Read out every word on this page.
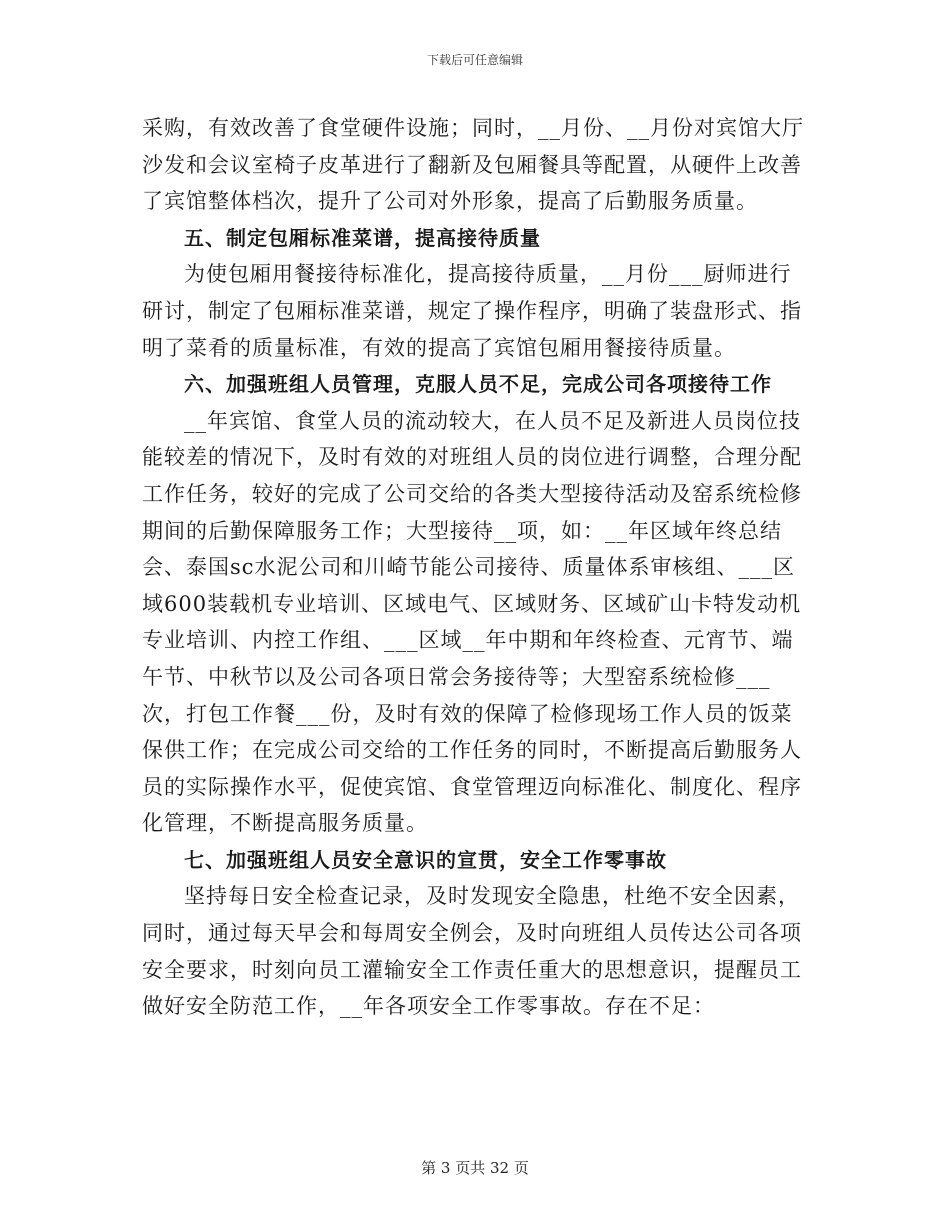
下载后可任意编辑

采购，有效改善了食堂硬件设施；同时，__月份、__月份对宾馆大厅沙发和会议室椅子皮革进行了翻新及包厢餐具等配置，从硬件上改善了宾馆整体档次，提升了公司对外形象，提高了后勤服务质量。

五、制定包厢标准菜谱，提高接待质量

为使包厢用餐接待标准化，提高接待质量，__月份___厨师进行研讨，制定了包厢标准菜谱，规定了操作程序，明确了装盘形式、指明了菜肴的质量标准，有效的提高了宾馆包厢用餐接待质量。

六、加强班组人员管理，克服人员不足，完成公司各项接待工作

__年宾馆、食堂人员的流动较大，在人员不足及新进人员岗位技能较差的情况下，及时有效的对班组人员的岗位进行调整，合理分配工作任务，较好的完成了公司交给的各类大型接待活动及窑系统检修期间的后勤保障服务工作；大型接待__项，如：__年区域年终总结会、泰国sc水泥公司和川崎节能公司接待、质量体系审核组、___区域600装载机专业培训、区域电气、区域财务、区域矿山卡特发动机专业培训、内控工作组、___区域__年中期和年终检查、元宵节、端午节、中秋节以及公司各项日常会务接待等；大型窑系统检修___次，打包工作餐___份，及时有效的保障了检修现场工作人员的饭菜保供工作；在完成公司交给的工作任务的同时，不断提高后勤服务人员的实际操作水平，促使宾馆、食堂管理迈向标准化、制度化、程序化管理，不断提高服务质量。

七、加强班组人员安全意识的宣贯，安全工作零事故

坚持每日安全检查记录，及时发现安全隐患，杜绝不安全因素，同时，通过每天早会和每周安全例会，及时向班组人员传达公司各项安全要求，时刻向员工灌输安全工作责任重大的思想意识，提醒员工做好安全防范工作，__年各项安全工作零事故。存在不足：

第 3 页共 32 页
